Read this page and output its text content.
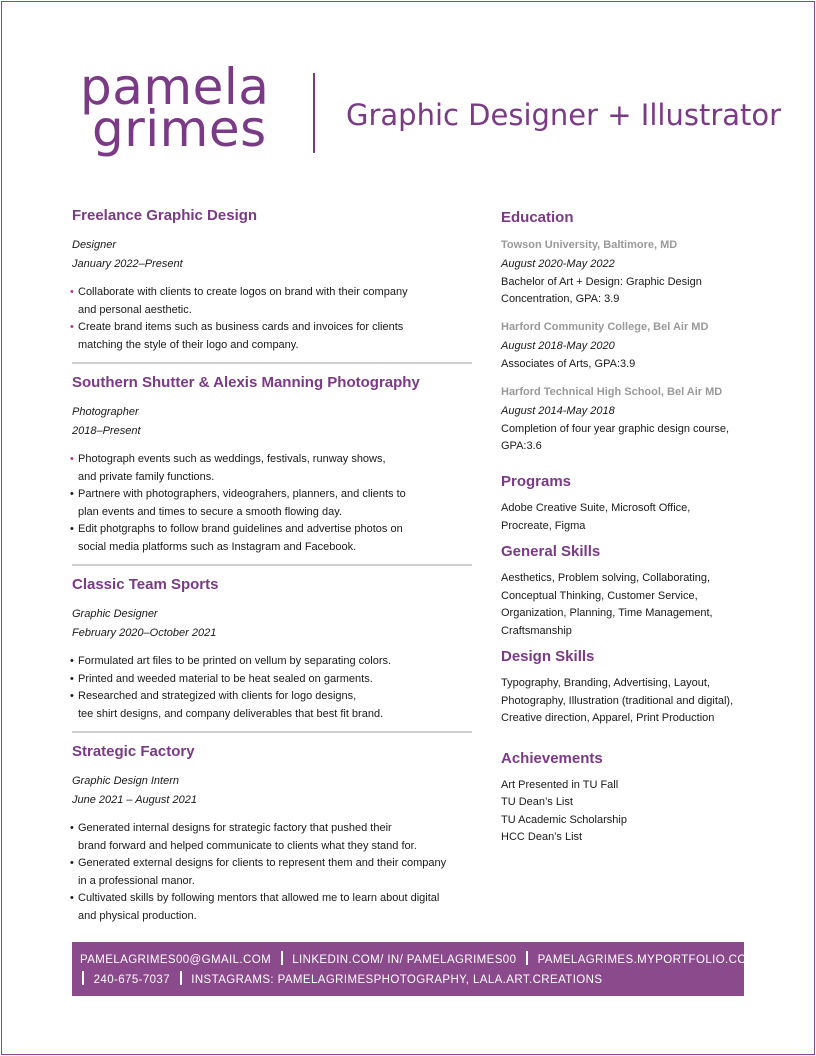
pamela
grimes	Graphic Designer + Illustrator
Freelance Graphic Design
Designer
January 2022–Present
• Collaborate with clients to create logos on brand with their company
and personal aesthetic.
• Create brand items such as business cards and invoices for clients
matching the style of their logo and company.
Southern Shutter & Alexis Manning Photography
Photographer
2018–Present
• Photograph events such as weddings, festivals, runway shows,
and private family functions.
• Partnere with photographers, videograhers, planners, and clients to
plan events and times to secure a smooth flowing day.
• Edit photgraphs to follow brand guidelines and advertise photos on
social media platforms such as Instagram and Facebook.
Classic Team Sports
Graphic Designer
February 2020–October 2021
• Formulated art files to be printed on vellum by separating colors.
• Printed and weeded material to be heat sealed on garments.
• Researched and strategized with clients for logo designs,
tee shirt designs, and company deliverables that best fit brand.
Strategic Factory
Graphic Design Intern
June 2021 – August 2021
• Generated internal designs for strategic factory that pushed their
brand forward and helped communicate to clients what they stand for.
• Generated external designs for clients to represent them and their company
in a professional manor.
• Cultivated skills by following mentors that allowed me to learn about digital
and physical production.
Education
Towson University, Baltimore, MD
August 2020-May 2022
Bachelor of Art + Design: Graphic Design
Concentration, GPA: 3.9
Harford Community College, Bel Air MD
August 2018-May 2020
Associates of Arts, GPA:3.9
Harford Technical High School, Bel Air MD
August 2014-May 2018
Completion of four year graphic design course,
GPA:3.6
Programs
Adobe Creative Suite, Microsoft Office,
Procreate, Figma
General Skills
Aesthetics, Problem solving, Collaborating,
Conceptual Thinking, Customer Service,
Organization, Planning, Time Management,
Craftsmanship
Design Skills
Typography, Branding, Advertising, Layout,
Photography, Illustration (traditional and digital),
Creative direction, Apparel, Print Production
Achievements
Art Presented in TU Fall
TU Dean’s List
TU Academic Scholarship
HCC Dean’s List
PAMELAGRIMES00@GMAIL.COM LINKEDIN.COM/ IN/ PAMELAGRIMES00 PAMELAGRIMES.MYPORTFOLIO.COM
240-675-7037 INSTAGRAMS: PAMELAGRIMESPHOTOGRAPHY, LALA.ART.CREATIONS
